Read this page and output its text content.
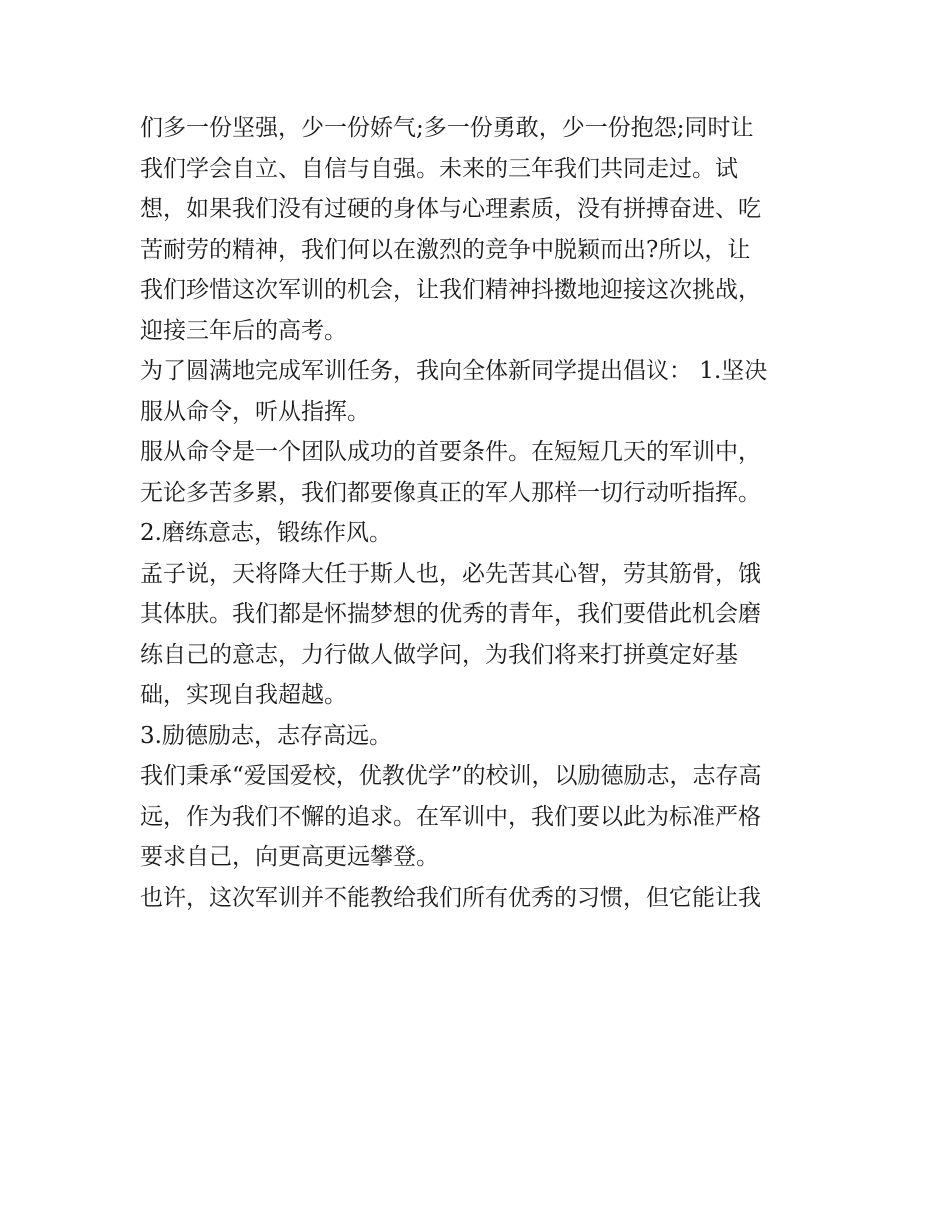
们多一份坚强，少一份娇气;多一份勇敢，少一份抱怨;同时让
我们学会自立、自信与自强。未来的三年我们共同走过。试
想，如果我们没有过硬的身体与心理素质，没有拼搏奋进、吃
苦耐劳的精神，我们何以在激烈的竞争中脱颖而出?所以，让
我们珍惜这次军训的机会，让我们精神抖擞地迎接这次挑战，
迎接三年后的高考。
为了圆满地完成军训任务，我向全体新同学提出倡议： 1.坚决
服从命令，听从指挥。
服从命令是一个团队成功的首要条件。在短短几天的军训中，
无论多苦多累，我们都要像真正的军人那样一切行动听指挥。
2.磨练意志，锻练作风。
孟子说，天将降大任于斯人也，必先苦其心智，劳其筋骨，饿
其体肤。我们都是怀揣梦想的优秀的青年，我们要借此机会磨
练自己的意志，力行做人做学问，为我们将来打拼奠定好基
础，实现自我超越。
3.励德励志，志存高远。
我们秉承“爱国爱校，优教优学”的校训，以励德励志，志存高
远，作为我们不懈的追求。在军训中，我们要以此为标准严格
要求自己，向更高更远攀登。
也许，这次军训并不能教给我们所有优秀的习惯，但它能让我
